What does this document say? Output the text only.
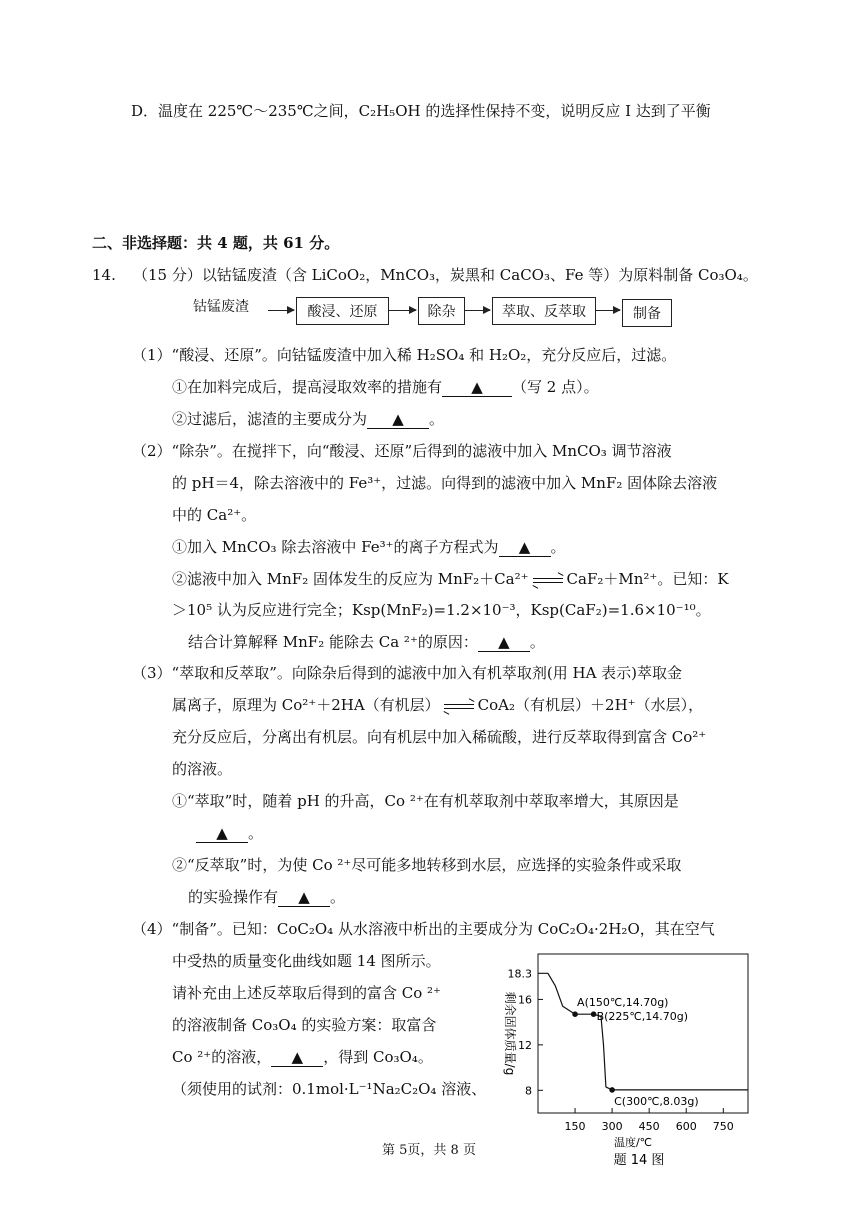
D．温度在 225℃～235℃之间，C₂H₅OH 的选择性保持不变，说明反应 I 达到了平衡
二、非选择题：共 4 题，共 61 分。
14. （15 分）以钴锰废渣（含 LiCoO₂，MnCO₃，炭黑和 CaCO₃、Fe 等）为原料制备 Co₃O₄。
钴锰废渣	酸浸、还原	除杂	萃取、反萃取	制备
（1）“酸浸、还原”。向钴锰废渣中加入稀 H₂SO₄ 和 H₂O₂，充分反应后，过滤。
①在加料完成后，提高浸取效率的措施有 ▲ （写 2 点）。
②过滤后，滤渣的主要成分为 ▲ 。
（2）“除杂”。在搅拌下，向“酸浸、还原”后得到的滤液中加入 MnCO₃ 调节溶液
的 pH＝4，除去溶液中的 Fe³⁺，过滤。向得到的滤液中加入 MnF₂ 固体除去溶液
中的 Ca²⁺。
①加入 MnCO₃ 除去溶液中 Fe³⁺的离子方程式为 ▲ 。
②滤液中加入 MnF₂ 固体发生的反应为 MnF₂＋Ca²⁺	CaF₂＋Mn²⁺。已知：K
＞10⁵ 认为反应进行完全；Ksp(MnF₂)=1.2×10⁻³，Ksp(CaF₂)=1.6×10⁻¹⁰。
结合计算解释 MnF₂ 能除去 Ca ²⁺的原因： ▲ 。
（3）“萃取和反萃取”。向除杂后得到的滤液中加入有机萃取剂(用 HA 表示)萃取金
属离子，原理为 Co²⁺＋2HA（有机层）	CoA₂（有机层）＋2H⁺（水层），
充分反应后，分离出有机层。向有机层中加入稀硫酸，进行反萃取得到富含 Co²⁺
的溶液。
①“萃取”时，随着 pH 的升高，Co ²⁺在有机萃取剂中萃取率增大，其原因是
▲ 。
②“反萃取”时，为使 Co ²⁺尽可能多地转移到水层，应选择的实验条件或采取
的实验操作有 ▲ 。
（4）“制备”。已知：CoC₂O₄ 从水溶液中析出的主要成分为 CoC₂O₄·2H₂O，其在空气
中受热的质量变化曲线如题 14 图所示。
请补充由上述反萃取后得到的富含 Co ²⁺
的溶液制备 Co₃O₄ 的实验方案：取富含
Co ²⁺的溶液， ▲ ，得到 Co₃O₄。
（须使用的试剂：0.1mol·L⁻¹Na₂C₂O₄ 溶液、	8
12
16
18.3
150 300 450 600 750
温度/℃
剩余固体质量/g
题 14 图
A(150℃,14.70g)
B(225℃,14.70g)
C(300℃,8.03g)
第 5页，共 8 页
